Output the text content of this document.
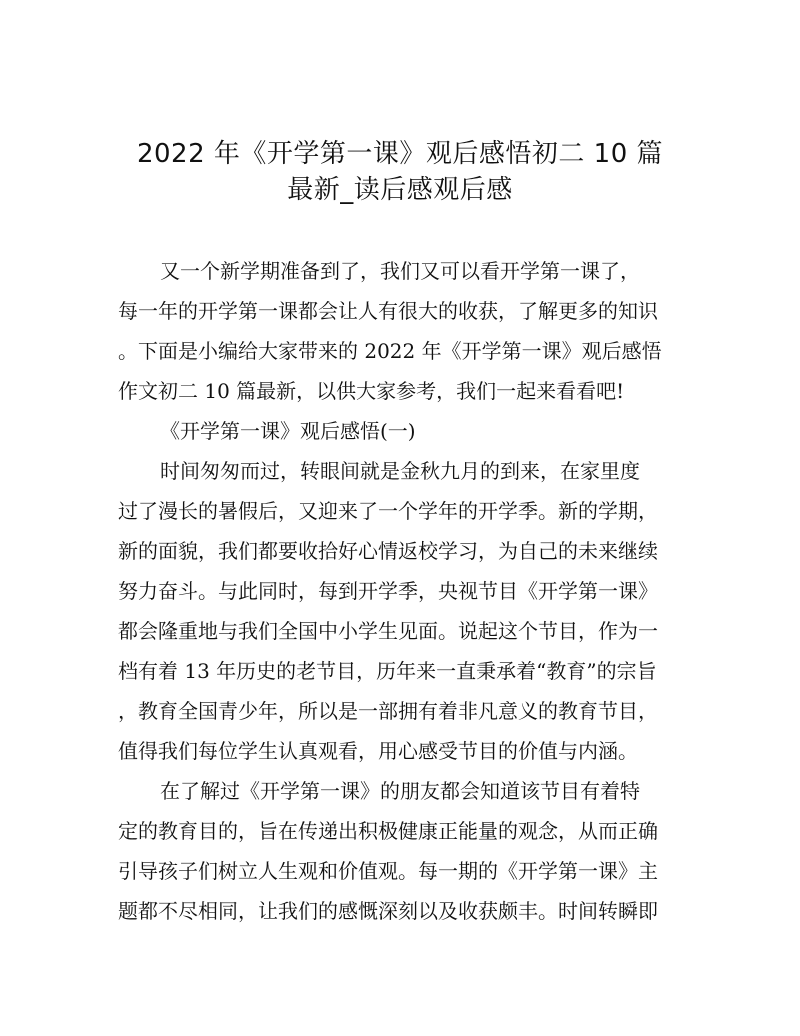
2022 年《开学第一课》观后感悟初二 10 篇
最新_读后感观后感
又一个新学期准备到了，我们又可以看开学第一课了，
每一年的开学第一课都会让人有很大的收获，了解更多的知识
。下面是小编给大家带来的 2022 年《开学第一课》观后感悟
作文初二 10 篇最新，以供大家参考，我们一起来看看吧!
《开学第一课》观后感悟(一)
时间匆匆而过，转眼间就是金秋九月的到来，在家里度
过了漫长的暑假后，又迎来了一个学年的开学季。新的学期，
新的面貌，我们都要收拾好心情返校学习，为自己的未来继续
努力奋斗。与此同时，每到开学季，央视节目《开学第一课》
都会隆重地与我们全国中小学生见面。说起这个节目，作为一
档有着 13 年历史的老节目，历年来一直秉承着“教育”的宗旨
，教育全国青少年，所以是一部拥有着非凡意义的教育节目，
值得我们每位学生认真观看，用心感受节目的价值与内涵。
在了解过《开学第一课》的朋友都会知道该节目有着特
定的教育目的，旨在传递出积极健康正能量的观念，从而正确
引导孩子们树立人生观和价值观。每一期的《开学第一课》主
题都不尽相同，让我们的感慨深刻以及收获颇丰。时间转瞬即
